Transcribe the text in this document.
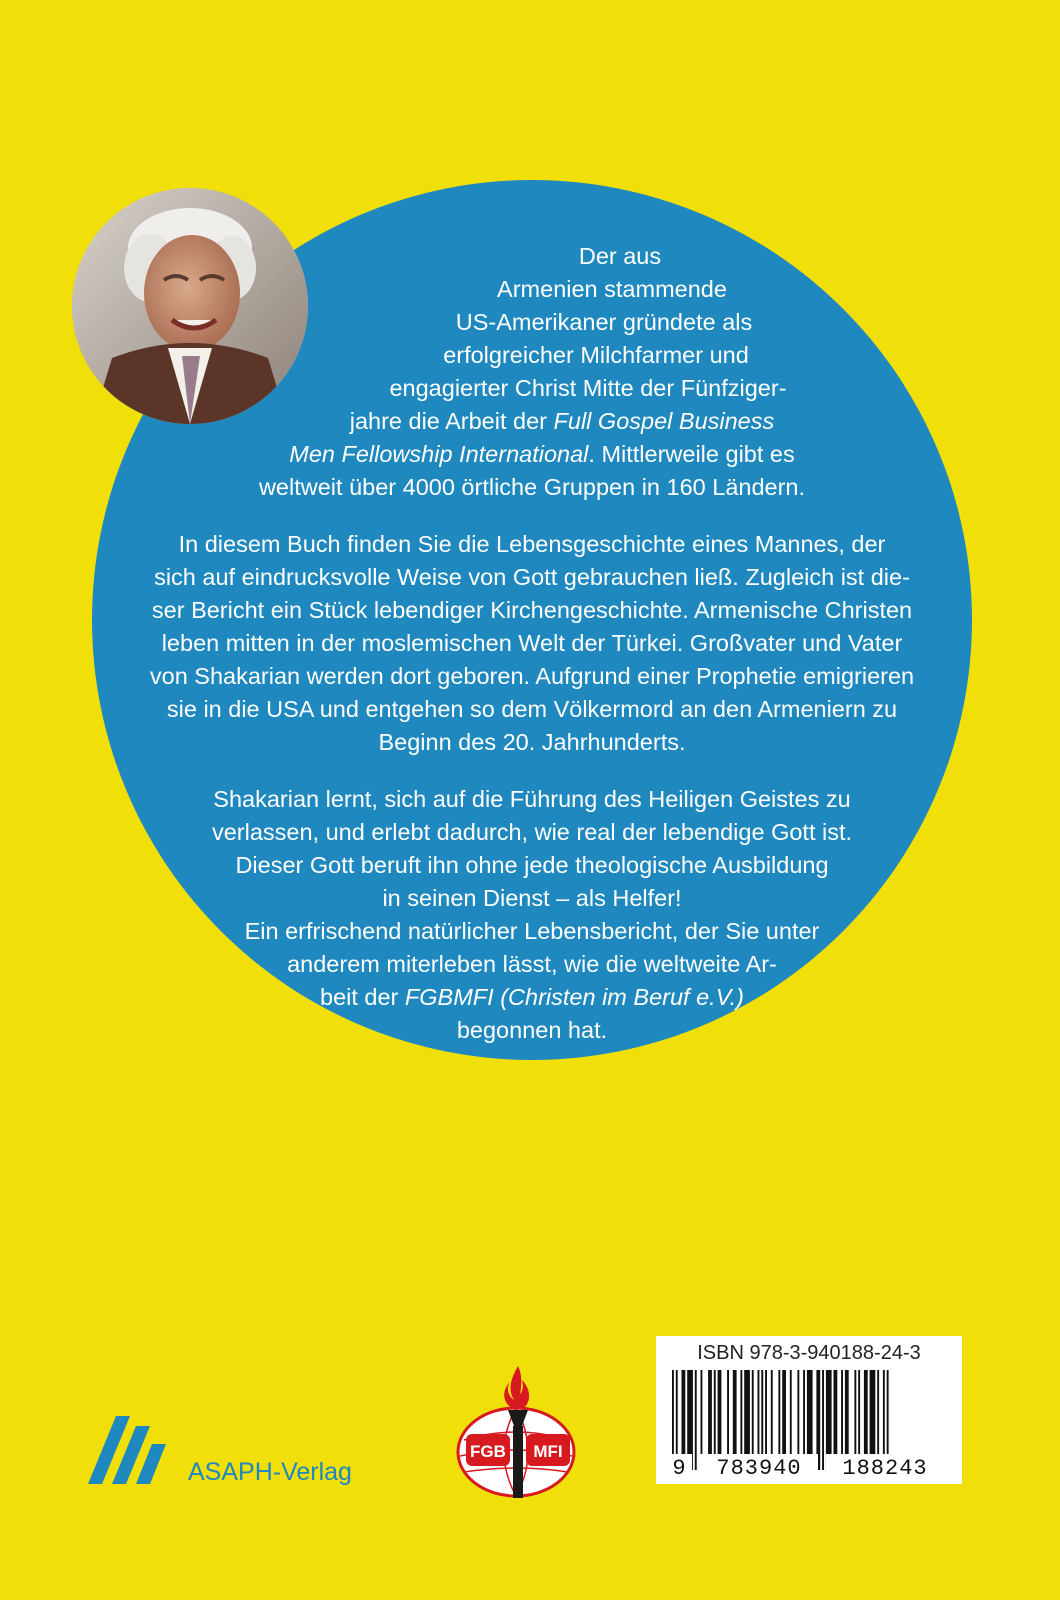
Der aus
Armenien stammende
US-Amerikaner gründete als
erfolgreicher Milchfarmer und
engagierter Christ Mitte der Fünfziger-
jahre die Arbeit der Full Gospel Business
Men Fellowship International. Mittlerweile gibt es
weltweit über 4000 örtliche Gruppen in 160 Ländern.
In diesem Buch finden Sie die Lebensgeschichte eines Mannes, der
sich auf eindrucksvolle Weise von Gott gebrauchen ließ. Zugleich ist die-
ser Bericht ein Stück lebendiger Kirchengeschichte. Armenische Christen
leben mitten in der moslemischen Welt der Türkei. Großvater und Vater
von Shakarian werden dort geboren. Aufgrund einer Prophetie emigrieren
sie in die USA und entgehen so dem Völkermord an den Armeniern zu
Beginn des 20. Jahrhunderts.
Shakarian lernt, sich auf die Führung des Heiligen Geistes zu
verlassen, und erlebt dadurch, wie real der lebendige Gott ist.
Dieser Gott beruft ihn ohne jede theologische Ausbildung
in seinen Dienst – als Helfer!
Ein erfrischend natürlicher Lebensbericht, der Sie unter
anderem miterleben lässt, wie die weltweite Ar-
beit der FGBMFI (Christen im Beruf e.V.)
begonnen hat.
ASAPH-Verlag
FGB MFI
ISBN 978-3-940188-24-3
9 783940 188243
